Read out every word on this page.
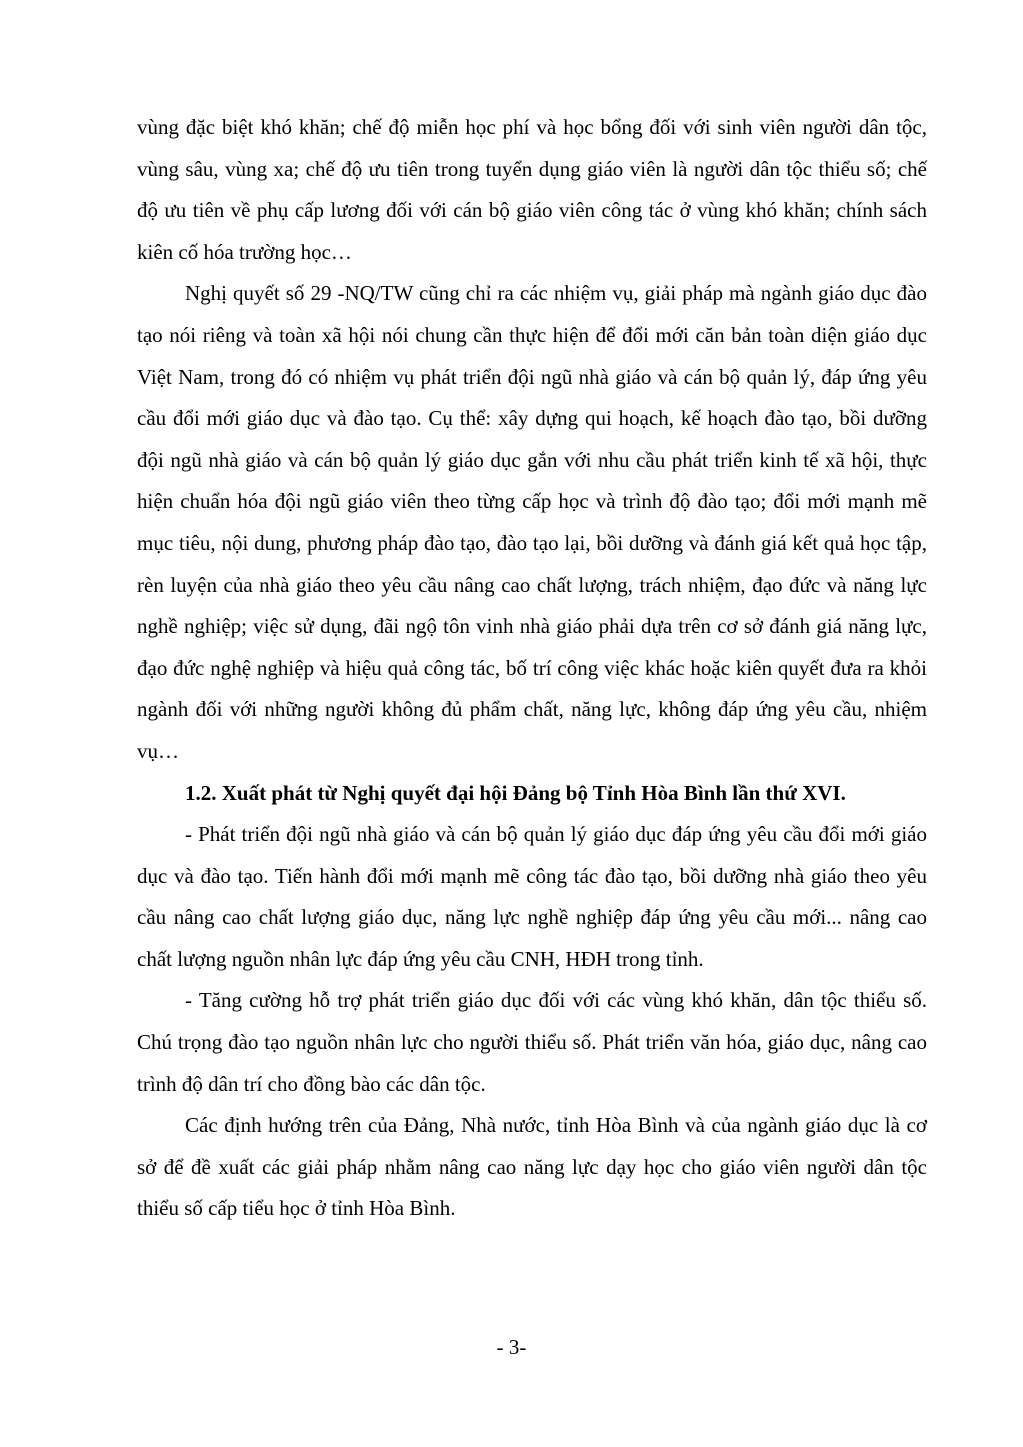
vùng đặc biệt khó khăn; chế độ miễn học phí và học bổng đối với sinh viên người dân tộc, vùng sâu, vùng xa; chế độ ưu tiên trong tuyển dụng giáo viên là người dân tộc thiểu số; chế độ ưu tiên về phụ cấp lương đối với cán bộ giáo viên công tác ở vùng khó khăn; chính sách kiên cố hóa trường học…

Nghị quyết số 29 -NQ/TW cũng chỉ ra các nhiệm vụ, giải pháp mà ngành giáo dục đào tạo nói riêng và toàn xã hội nói chung cần thực hiện để đổi mới căn bản toàn diện giáo dục Việt Nam, trong đó có nhiệm vụ phát triển đội ngũ nhà giáo và cán bộ quản lý, đáp ứng yêu cầu đổi mới giáo dục và đào tạo. Cụ thể: xây dựng qui hoạch, kế hoạch đào tạo, bồi dưỡng đội ngũ nhà giáo và cán bộ quản lý giáo dục gắn với nhu cầu phát triển kinh tế xã hội, thực hiện chuẩn hóa đội ngũ giáo viên theo từng cấp học và trình độ đào tạo; đổi mới mạnh mẽ mục tiêu, nội dung, phương pháp đào tạo, đào tạo lại, bồi dưỡng và đánh giá kết quả học tập, rèn luyện của nhà giáo theo yêu cầu nâng cao chất lượng, trách nhiệm, đạo đức và năng lực nghề nghiệp; việc sử dụng, đãi ngộ tôn vinh nhà giáo phải dựa trên cơ sở đánh giá năng lực, đạo đức nghệ nghiệp và hiệu quả công tác, bố trí công việc khác hoặc kiên quyết đưa ra khỏi ngành đối với những người không đủ phẩm chất, năng lực, không đáp ứng yêu cầu, nhiệm vụ…

1.2. Xuất phát từ Nghị quyết đại hội Đảng bộ Tỉnh Hòa Bình lần thứ XVI.

- Phát triển đội ngũ nhà giáo và cán bộ quản lý giáo dục đáp ứng yêu cầu đổi mới giáo dục và đào tạo. Tiến hành đổi mới mạnh mẽ công tác đào tạo, bồi dưỡng nhà giáo theo yêu cầu nâng cao chất lượng giáo dục, năng lực nghề nghiệp đáp ứng yêu cầu mới... nâng cao chất lượng nguồn nhân lực đáp ứng yêu cầu CNH, HĐH trong tỉnh.

- Tăng cường hỗ trợ phát triển giáo dục đối với các vùng khó khăn, dân tộc thiểu số. Chú trọng đào tạo nguồn nhân lực cho người thiểu số. Phát triển văn hóa, giáo dục, nâng cao trình độ dân trí cho đồng bào các dân tộc.

Các định hướng trên của Đảng, Nhà nước, tỉnh Hòa Bình và của ngành giáo dục là cơ sở để đề xuất các giải pháp nhằm nâng cao năng lực dạy học cho giáo viên người dân tộc thiểu số cấp tiểu học ở tỉnh Hòa Bình.

- 3-
